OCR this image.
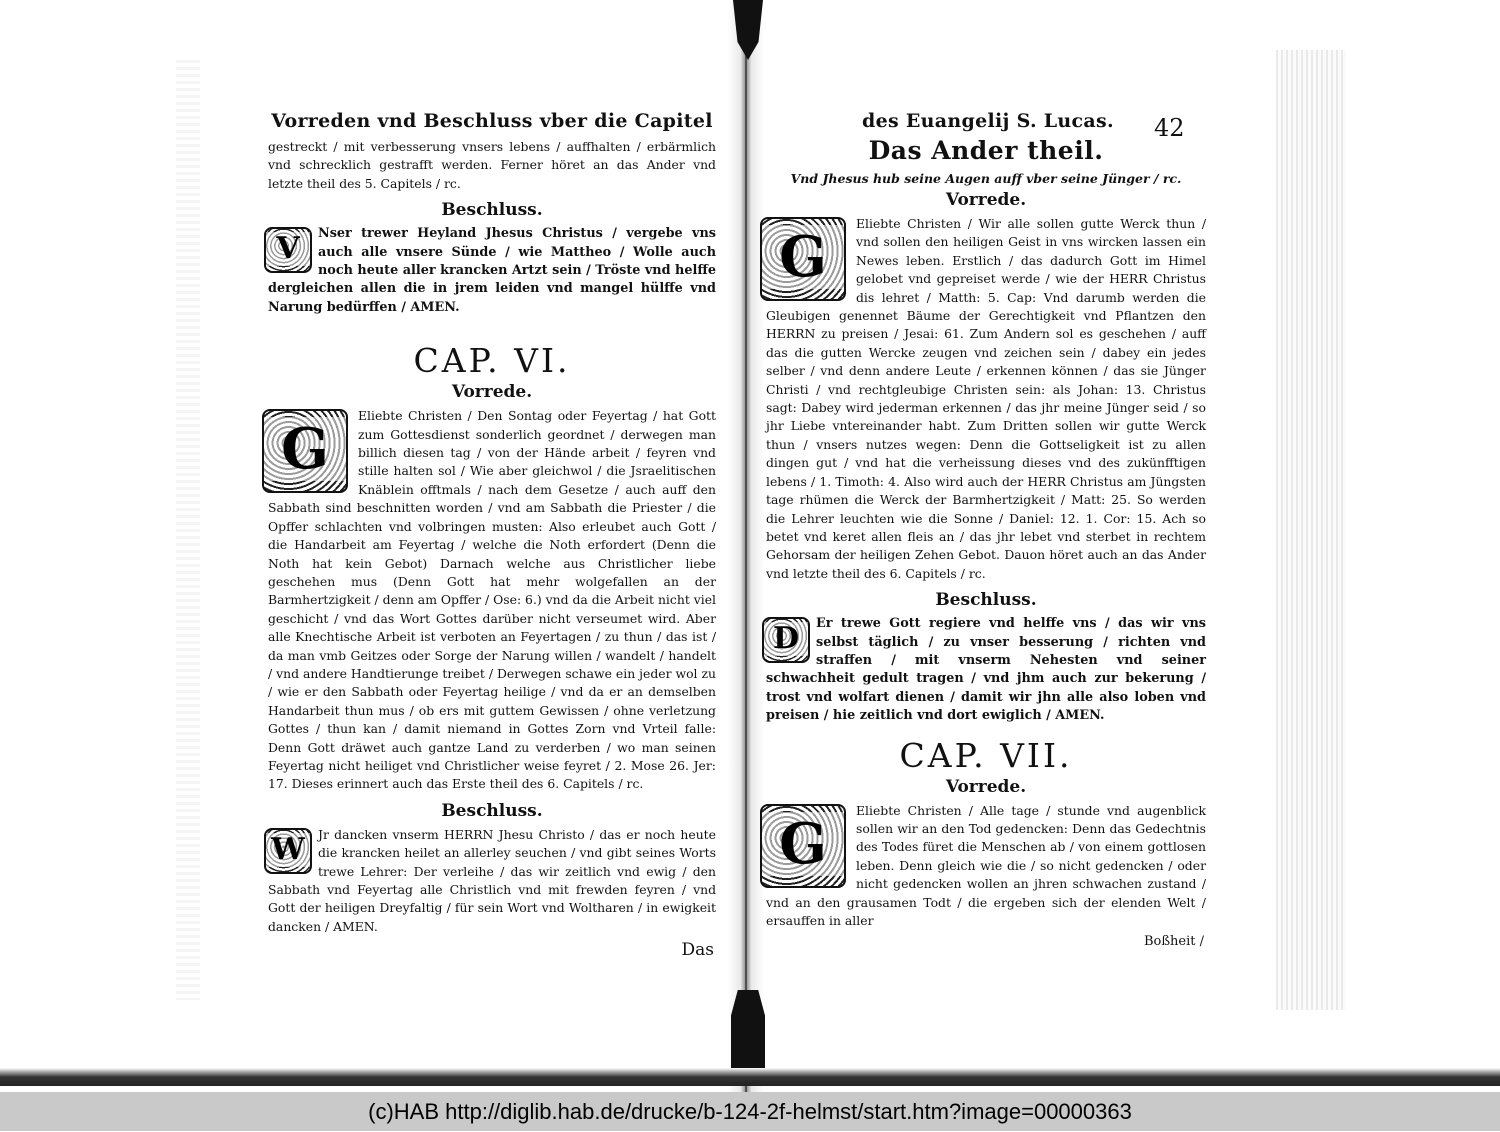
Vorreden vnd Beschluss vber die Capitel

gestreckt / mit verbesserung vnsers lebens / auffhalten / erbärmlich vnd schrecklich gestrafft werden. Ferner höret an das Ander vnd letzte theil des 5. Capitels / rc.

Beschluss.
V	Nser trewer Heyland Jhesus Christus / vergebe vns auch alle vnsere Sünde / wie Mattheo / Wolle auch noch heute aller krancken Artzt sein / Tröste vnd helffe dergleichen allen die in jrem leiden vnd mangel hülffe vnd Narung bedürffen / AMEN.

CAP. VI.
Vorrede.
G

Eliebte Christen / Den Sontag oder Feyertag / hat Gott zum Gottesdienst sonderlich geordnet / derwegen man billich diesen tag / von der Hände arbeit / feyren vnd stille halten sol / Wie aber gleichwol / die Jsraelitischen Knäblein offtmals / nach dem Gesetze / auch auff den Sabbath sind beschnitten worden / vnd am Sabbath die Priester / die Opffer schlachten vnd volbringen musten: Also erleubet auch Gott / die Handarbeit am Feyertag / welche die Noth erfordert (Denn die Noth hat kein Gebot) Darnach welche aus Christlicher liebe geschehen mus (Denn Gott hat mehr wolgefallen an der Barmhertzigkeit / denn am Opffer / Ose: 6.) vnd da die Arbeit nicht viel geschicht / vnd das Wort Gottes darüber nicht verseumet wird. Aber alle Knechtische Arbeit ist verboten an Feyertagen / zu thun / das ist / da man vmb Geitzes oder Sorge der Narung willen / wandelt / handelt / vnd andere Handtierunge treibet / Derwegen schawe ein jeder wol zu / wie er den Sabbath oder Feyertag heilige / vnd da er an demselben Handarbeit thun mus / ob ers mit guttem Gewissen / ohne verletzung Gottes / thun kan / damit niemand in Gottes Zorn vnd Vrteil falle: Denn Gott dräwet auch gantze Land zu verderben / wo man seinen Feyertag nicht heiliget vnd Christlicher weise feyret / 2. Mose 26. Jer: 17. Dieses erinnert auch das Erste theil des 6. Capitels / rc.

Beschluss.
W	Jr dancken vnserm HERRN Jhesu Christo / das er noch heute die krancken heilet an allerley seuchen / vnd gibt seines Worts trewe Lehrer: Der verleihe / das wir zeitlich vnd ewig / den Sabbath vnd Feyertag alle Christlich vnd mit frewden feyren / vnd Gott der heiligen Dreyfaltig / für sein Wort vnd Woltharen / in ewigkeit dancken / AMEN.

Das
des Euangelij S. Lucas.	42
Das Ander theil.
Vnd Jhesus hub seine Augen auff vber seine Jünger / rc.
Vorrede.
G

Eliebte Christen / Wir alle sollen gutte Werck thun / vnd sollen den heiligen Geist in vns wircken lassen ein Newes leben. Erstlich / das dadurch Gott im Himel gelobet vnd gepreiset werde / wie der HERR Christus dis lehret / Matth: 5. Cap: Vnd darumb werden die Gleubigen genennet Bäume der Gerechtigkeit vnd Pflantzen den HERRN zu preisen / Jesai: 61. Zum Andern sol es geschehen / auff das die gutten Wercke zeugen vnd zeichen sein / dabey ein jedes selber / vnd denn andere Leute / erkennen können / das sie Jünger Christi / vnd rechtgleubige Christen sein: als Johan: 13. Christus sagt: Dabey wird jederman erkennen / das jhr meine Jünger seid / so jhr Liebe vntereinander habt. Zum Dritten sollen wir gutte Werck thun / vnsers nutzes wegen: Denn die Gottseligkeit ist zu allen dingen gut / vnd hat die verheissung dieses vnd des zukünfftigen lebens / 1. Timoth: 4. Also wird auch der HERR Christus am Jüngsten tage rhümen die Werck der Barmhertzigkeit / Matt: 25. So werden die Lehrer leuchten wie die Sonne / Daniel: 12. 1. Cor: 15. Ach so betet vnd keret allen fleis an / das jhr lebet vnd sterbet in rechtem Gehorsam der heiligen Zehen Gebot. Dauon höret auch an das Ander vnd letzte theil des 6. Capitels / rc.

Beschluss.
D	Er trewe Gott regiere vnd helffe vns / das wir vns selbst täglich / zu vnser besserung / richten vnd straffen / mit vnserm Nehesten vnd seiner schwachheit gedult tragen / vnd jhm auch zur bekerung / trost vnd wolfart dienen / damit wir jhn alle also loben vnd preisen / hie zeitlich vnd dort ewiglich / AMEN.

CAP. VII.
Vorrede.
G

Eliebte Christen / Alle tage / stunde vnd augenblick sollen wir an den Tod gedencken: Denn das Gedechtnis des Todes füret die Menschen ab / von einem gottlosen leben. Denn gleich wie die / so nicht gedencken / oder nicht gedencken wollen an jhren schwachen zustand / vnd an den grausamen Todt / die ergeben sich der elenden Welt / ersauffen in aller

Boßheit /
(c)HAB http://diglib.hab.de/drucke/b-124-2f-helmst/start.htm?image=00000363
